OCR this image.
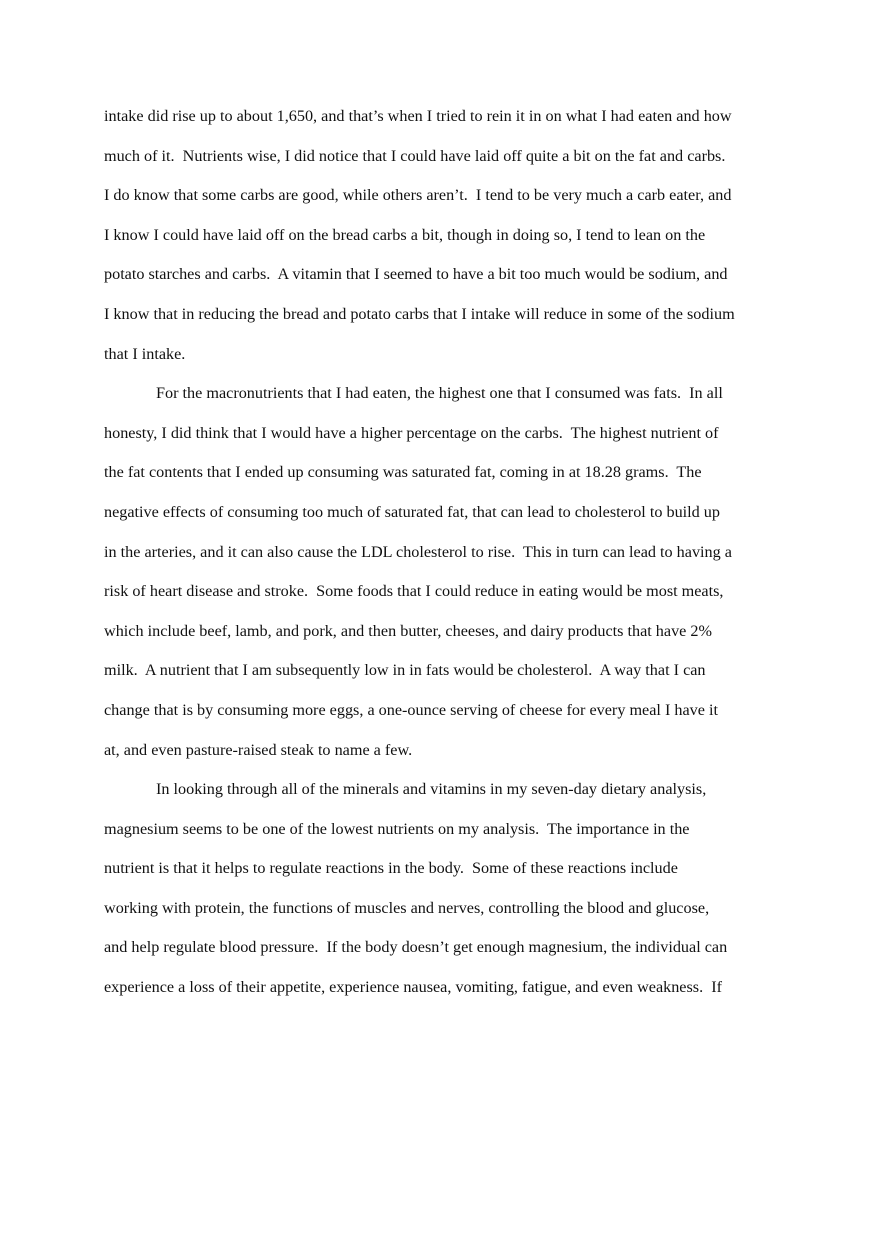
intake did rise up to about 1,650, and that’s when I tried to rein it in on what I had eaten and how
much of it.  Nutrients wise, I did notice that I could have laid off quite a bit on the fat and carbs.
I do know that some carbs are good, while others aren’t.  I tend to be very much a carb eater, and
I know I could have laid off on the bread carbs a bit, though in doing so, I tend to lean on the
potato starches and carbs.  A vitamin that I seemed to have a bit too much would be sodium, and
I know that in reducing the bread and potato carbs that I intake will reduce in some of the sodium
that I intake.
For the macronutrients that I had eaten, the highest one that I consumed was fats.  In all
honesty, I did think that I would have a higher percentage on the carbs.  The highest nutrient of
the fat contents that I ended up consuming was saturated fat, coming in at 18.28 grams.  The
negative effects of consuming too much of saturated fat, that can lead to cholesterol to build up
in the arteries, and it can also cause the LDL cholesterol to rise.  This in turn can lead to having a
risk of heart disease and stroke.  Some foods that I could reduce in eating would be most meats,
which include beef, lamb, and pork, and then butter, cheeses, and dairy products that have 2%
milk.  A nutrient that I am subsequently low in in fats would be cholesterol.  A way that I can
change that is by consuming more eggs, a one-ounce serving of cheese for every meal I have it
at, and even pasture-raised steak to name a few.
In looking through all of the minerals and vitamins in my seven-day dietary analysis,
magnesium seems to be one of the lowest nutrients on my analysis.  The importance in the
nutrient is that it helps to regulate reactions in the body.  Some of these reactions include
working with protein, the functions of muscles and nerves, controlling the blood and glucose,
and help regulate blood pressure.  If the body doesn’t get enough magnesium, the individual can
experience a loss of their appetite, experience nausea, vomiting, fatigue, and even weakness.  If
